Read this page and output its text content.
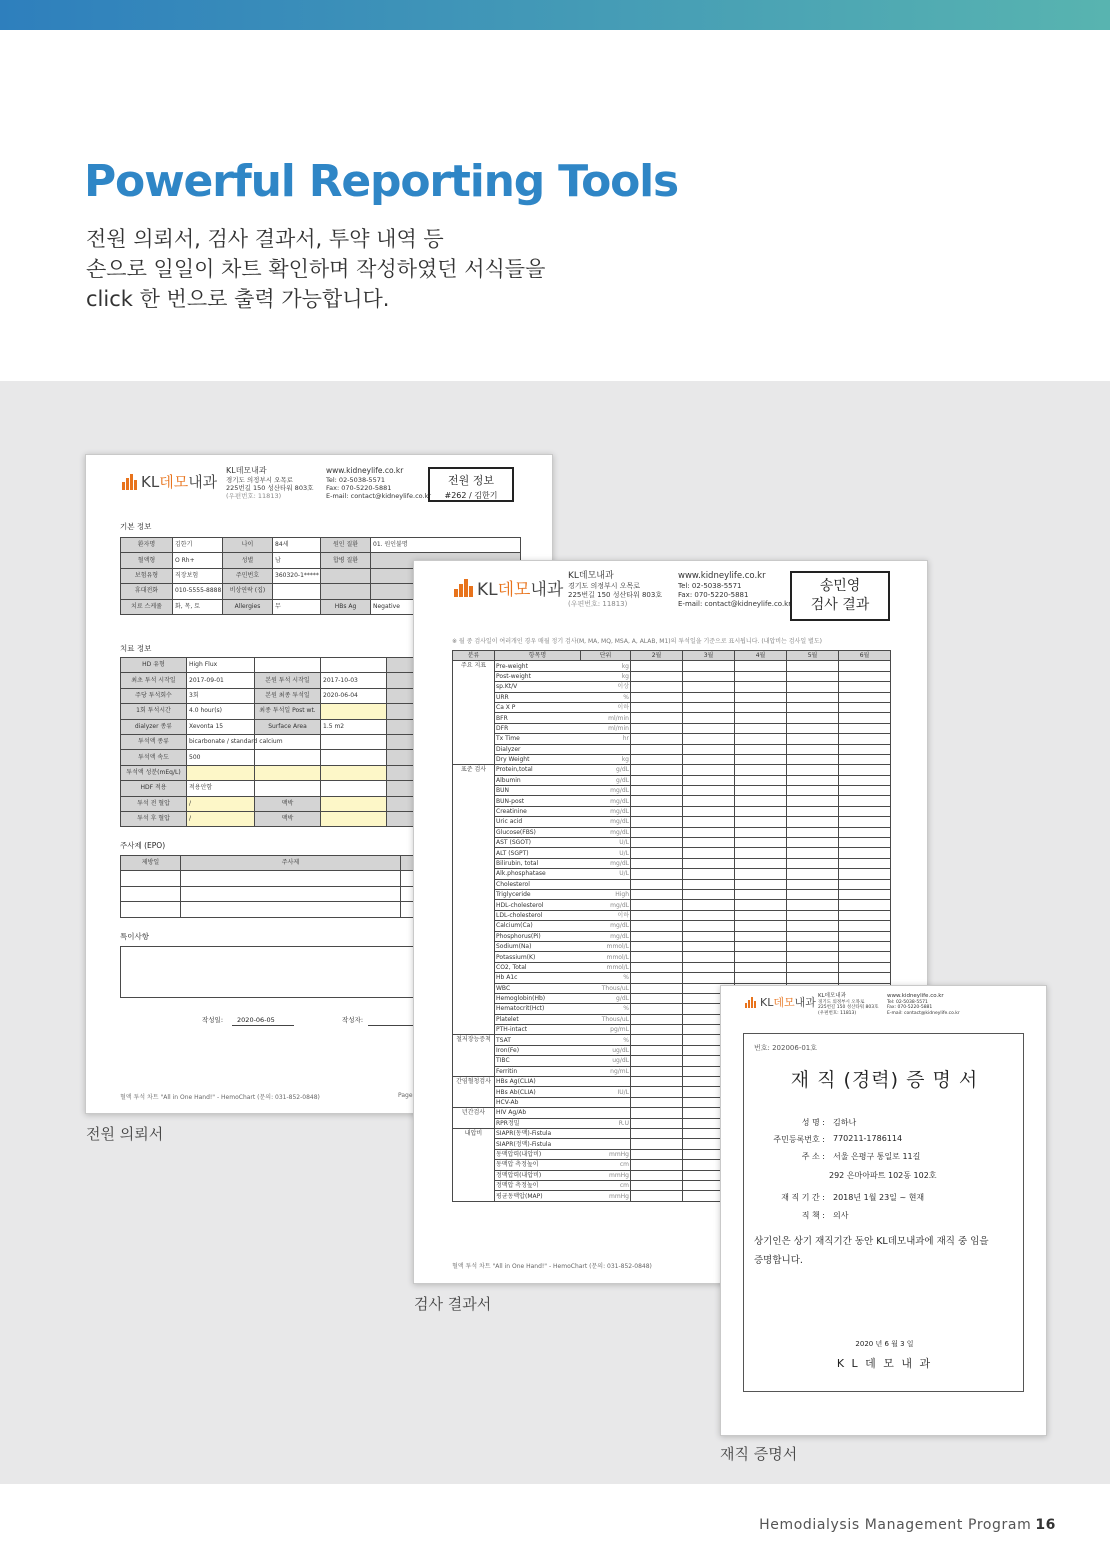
Powerful Reporting Tools
전원 의뢰서, 검사 결과서, 투약 내역 등
손으로 일일이 차트 확인하며 작성하였던 서식들을
click 한 번으로 출력 가능합니다.
KL데모내과
KL데모내과
경기도 의정부시 오목로
225번길 150 성산타워 803호
(우편번호: 11813)
www.kidneylife.co.kr
Tel: 02-5038-5571
Fax: 070-5220-5881
E-mail: contact@kidneylife.co.kr
전원 정보
#262 / 김한기
기본 정보
환자명	김한기	나이	84세	원인 질환	01. 원인불명
혈액형	O Rh+	성별	남	합병 질환	
보험유형	직장보험	주민번호	360320-1*****		
휴대전화	010-5555-8888	비상연락 (집)			
치료 스케쥴	화, 목, 토	Allergies	무	HBs Ag	Negative
치료 정보
HD 유형	High Flux			
최초 투석 시작일	2017-09-01	본원 투석 시작일	2017-10-03	
주당 투석회수	3회	본원 최종 투석일	2020-06-04	
1회 투석시간	4.0 hour(s)	최종 투석일 Post wt.		
dialyzer 종류	Xevonta 15	Surface Area	1.5 m2	
투석액 종류	bicarbonate / standard calcium			
투석액 속도	500			
투석액 성분(mEq/L)				
HDF 적용	적용안함			
투석 전 혈압	/	맥박		
투석 후 혈압	/	맥박		
주사제 (EPO)
제방일	주사제	

특이사항
작성일: 2020-06-05	작성자:
혈액 투석 차트 "All in One Hand!" - HemoChart (문의: 031-852-0848)	Page
전원 의뢰서
KL데모내과
KL데모내과
경기도 의정부시 오목로
225번길 150 성산타워 803호
(우편번호: 11813)
www.kidneylife.co.kr
Tel: 02-5038-5571
Fax: 070-5220-5881
E-mail: contact@kidneylife.co.kr
송민영
검사 결과
※ 월 중 검사일이 여러개인 경우 매월 정기 검사(M, MA, MQ, MSA, A, ALAB, M1)의 투석일을 기준으로 표시됩니다. (내압비는 검사일 별도)
분류	항목명	단위	2월	3월	4월	5월	6월
주요 지표	Pre-weight	kg					
	Post-weight	kg					
	sp.Kt/V	이상					
	URR	%					
	Ca X P	이하					
	BFR	ml/min					
	DFR	ml/min					
	Tx Time	hr					
	Dialyzer						
	Dry Weight	kg					
표준 검사	Protein,total	g/dL					
	Albumin	g/dL					
	BUN	mg/dL					
	BUN-post	mg/dL					
	Creatinine	mg/dL					
	Uric acid	mg/dL					
	Glucose(FBS)	mg/dL					
	AST (SGOT)	U/L					
	ALT (SGPT)	U/L					
	Bilirubin, total	mg/dL					
	Alk.phosphatase	U/L					
	Cholesterol						
	Triglyceride	High					
	HDL-cholesterol	mg/dL					
	LDL-cholesterol	이하					
	Calcium(Ca)	mg/dL					
	Phosphorus(Pi)	mg/dL					
	Sodium(Na)	mmol/L					
	Potassium(K)	mmol/L					
	CO2, Total	mmol/L					
	Hb A1c	%					
	WBC	Thous/uL					
	Hemoglobin(Hb)	g/dL					
	Hematocrit(Hct)	%					
	Platelet	Thous/uL					
	PTH-intact	pg/mL					
철저장능증척	TSAT	%					
	Iron(Fe)	ug/dL					
	TIBC	ug/dL					
	Ferritin	ng/mL					
간염혈청검사	HBs Ag(CLIA)						
	HBs Ab(CLIA)	IU/L					
	HCV-Ab						
년간검사	HIV Ag/Ab						
	RPR정밀	R.U					
내압비	SIAPR(동맥)-Fistula						
	SIAPR(정맥)-Fistula						
	동맥압력(내압비)	mmHg					
	동맥압 측정높이	cm					
	정맥압력(내압비)	mmHg					
	정맥압 측정높이	cm					
	평균동맥압(MAP)	mmHg					
혈액 투석 차트 "All in One Hand!" - HemoChart (문의: 031-852-0848)
검사 결과서
KL데모내과 KL데모내과
경기도 의정부시 오목로
225번길 150 성산타워 803호
(우편번호: 11813)
www.kidneylife.co.kr
Tel: 02-5038-5571
Fax: 070-5220-5881
E-mail: contact@kidneylife.co.kr
번호: 202006-01호
재 직 (경력) 증 명 서
성 명 : 김하나
주민등록번호 : 770211-1786114
주 소 : 서울 은평구 통일로 11길
292 은마아파트 102동 102호
재 직 기 간 : 2018년 1월 23일 ~ 현재
직 책 : 의사
상기인은 상기 재직기간 동안 KL데모내과에 재직 중 임을
증명합니다.
2020 년 6 월 3 일
K L 데 모 내 과
재직 증명서
Hemodialysis Management Program 16
